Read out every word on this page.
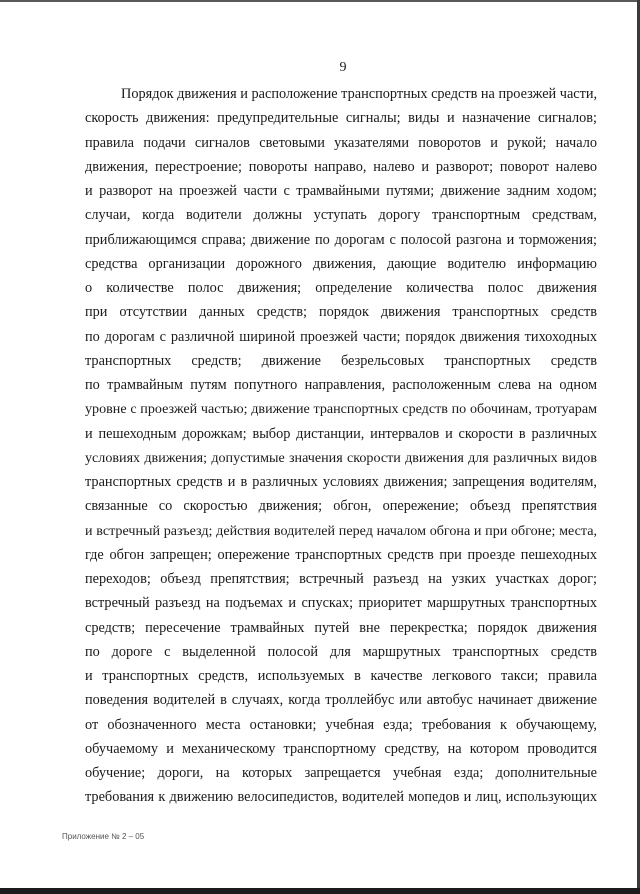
9
Порядок движения и расположение транспортных средств на проезжей части,
скорость движения: предупредительные сигналы; виды и назначение сигналов;
правила подачи сигналов световыми указателями поворотов и рукой; начало
движения, перестроение; повороты направо, налево и разворот; поворот налево
и разворот на проезжей части с трамвайными путями; движение задним ходом;
случаи, когда водители должны уступать дорогу транспортным средствам,
приближающимся справа; движение по дорогам с полосой разгона и торможения;
средства организации дорожного движения, дающие водителю информацию
о количестве полос движения; определение количества полос движения
при отсутствии данных средств; порядок движения транспортных средств
по дорогам с различной шириной проезжей части; порядок движения тихоходных
транспортных средств; движение безрельсовых транспортных средств
по трамвайным путям попутного направления, расположенным слева на одном
уровне с проезжей частью; движение транспортных средств по обочинам, тротуарам
и пешеходным дорожкам; выбор дистанции, интервалов и скорости в различных
условиях движения; допустимые значения скорости движения для различных видов
транспортных средств и в различных условиях движения; запрещения водителям,
связанные со скоростью движения; обгон, опережение; объезд препятствия
и встречный разъезд; действия водителей перед началом обгона и при обгоне; места,
где обгон запрещен; опережение транспортных средств при проезде пешеходных
переходов; объезд препятствия; встречный разъезд на узких участках дорог;
встречный разъезд на подъемах и спусках; приоритет маршрутных транспортных
средств; пересечение трамвайных путей вне перекрестка; порядок движения
по дороге с выделенной полосой для маршрутных транспортных средств
и транспортных средств, используемых в качестве легкового такси; правила
поведения водителей в случаях, когда троллейбус или автобус начинает движение
от обозначенного места остановки; учебная езда; требования к обучающему,
обучаемому и механическому транспортному средству, на котором проводится
обучение; дороги, на которых запрещается учебная езда; дополнительные
требования к движению велосипедистов, водителей мопедов и лиц, использующих
Приложение № 2 – 05
